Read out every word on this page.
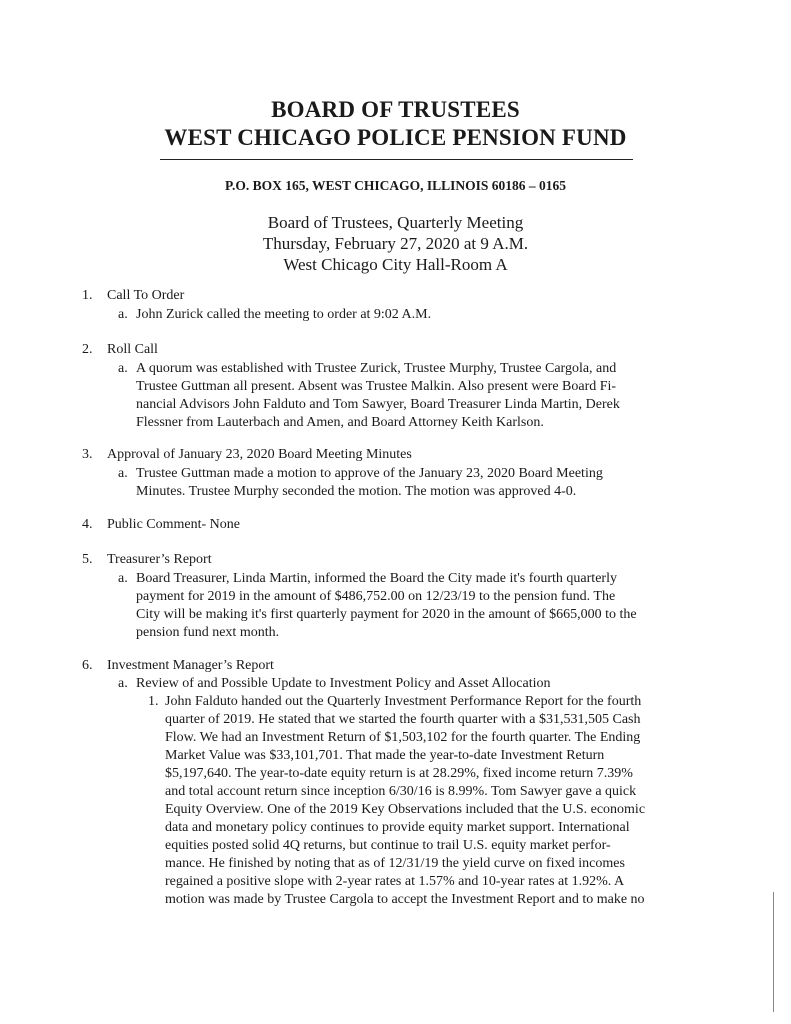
BOARD OF TRUSTEES
WEST CHICAGO POLICE PENSION FUND
P.O. BOX 165, WEST CHICAGO, ILLINOIS 60186 – 0165
Board of Trustees, Quarterly Meeting
Thursday, February 27, 2020 at 9 A.M.
West Chicago City Hall-Room A
1. Call To Order
a. John Zurick called the meeting to order at 9:02 A.M.
2. Roll Call
a. A quorum was established with Trustee Zurick, Trustee Murphy, Trustee Cargola, and
Trustee Guttman all present. Absent was Trustee Malkin. Also present were Board Fi-
nancial Advisors John Falduto and Tom Sawyer, Board Treasurer Linda Martin, Derek
Flessner from Lauterbach and Amen, and Board Attorney Keith Karlson.
3. Approval of January 23, 2020 Board Meeting Minutes
a. Trustee Guttman made a motion to approve of the January 23, 2020 Board Meeting
Minutes. Trustee Murphy seconded the motion. The motion was approved 4-0.
4. Public Comment- None
5. Treasurer’s Report
a. Board Treasurer, Linda Martin, informed the Board the City made it's fourth quarterly
payment for 2019 in the amount of $486,752.00 on 12/23/19 to the pension fund. The
City will be making it's first quarterly payment for 2020 in the amount of $665,000 to the
pension fund next month.
6. Investment Manager’s Report
a. Review of and Possible Update to Investment Policy and Asset Allocation
1. John Falduto handed out the Quarterly Investment Performance Report for the fourth
quarter of 2019. He stated that we started the fourth quarter with a $31,531,505 Cash
Flow. We had an Investment Return of $1,503,102 for the fourth quarter. The Ending
Market Value was $33,101,701. That made the year-to-date Investment Return
$5,197,640. The year-to-date equity return is at 28.29%, fixed income return 7.39%
and total account return since inception 6/30/16 is 8.99%. Tom Sawyer gave a quick
Equity Overview. One of the 2019 Key Observations included that the U.S. economic
data and monetary policy continues to provide equity market support. International
equities posted solid 4Q returns, but continue to trail U.S. equity market perfor-
mance. He finished by noting that as of 12/31/19 the yield curve on fixed incomes
regained a positive slope with 2-year rates at 1.57% and 10-year rates at 1.92%. A
motion was made by Trustee Cargola to accept the Investment Report and to make no
